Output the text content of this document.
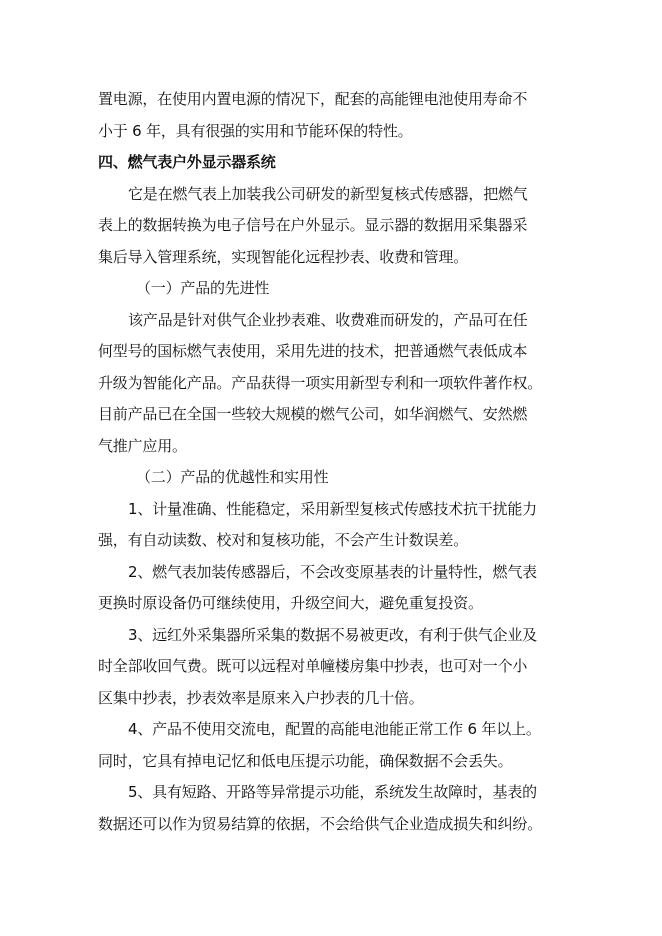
置电源，在使用内置电源的情况下，配套的高能锂电池使用寿命不
小于 6 年，具有很强的实用和节能环保的特性。
四、燃气表户外显示器系统
它是在燃气表上加装我公司研发的新型复核式传感器，把燃气
表上的数据转换为电子信号在户外显示。显示器的数据用采集器采
集后导入管理系统，实现智能化远程抄表、收费和管理。
（一）产品的先进性
该产品是针对供气企业抄表难、收费难而研发的，产品可在任
何型号的国标燃气表使用，采用先进的技术，把普通燃气表低成本
升级为智能化产品。产品获得一项实用新型专利和一项软件著作权。
目前产品已在全国一些较大规模的燃气公司，如华润燃气、安然燃
气推广应用。
（二）产品的优越性和实用性
1、计量准确、性能稳定，采用新型复核式传感技术抗干扰能力
强，有自动读数、校对和复核功能，不会产生计数误差。
2、燃气表加装传感器后，不会改变原基表的计量特性，燃气表
更换时原设备仍可继续使用，升级空间大，避免重复投资。
3、远红外采集器所采集的数据不易被更改，有利于供气企业及
时全部收回气费。既可以远程对单幢楼房集中抄表，也可对一个小
区集中抄表，抄表效率是原来入户抄表的几十倍。
4、产品不使用交流电，配置的高能电池能正常工作 6 年以上。
同时，它具有掉电记忆和低电压提示功能，确保数据不会丢失。
5、具有短路、开路等异常提示功能，系统发生故障时，基表的
数据还可以作为贸易结算的依据，不会给供气企业造成损失和纠纷。
